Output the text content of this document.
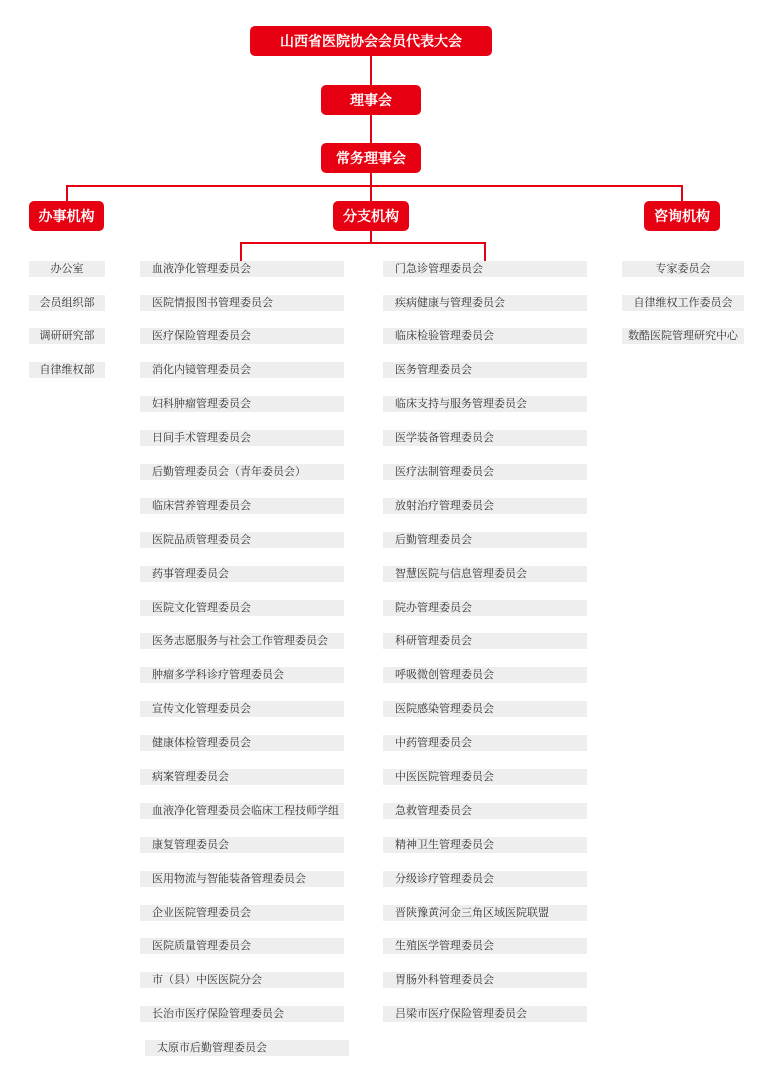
山西省医院协会会员代表大会
理事会
常务理事会
办事机构	分支机构	咨询机构
办公室
会员组织部
调研研究部
自律维权部
专家委员会
自律维权工作委员会
数酷医院管理研究中心
血液净化管理委员会
医院情报图书管理委员会
医疗保险管理委员会
消化内镜管理委员会
妇科肿瘤管理委员会
日间手术管理委员会
后勤管理委员会（青年委员会）
临床营养管理委员会
医院品质管理委员会
药事管理委员会
医院文化管理委员会
医务志愿服务与社会工作管理委员会
肿瘤多学科诊疗管理委员会
宣传文化管理委员会
健康体检管理委员会
病案管理委员会
血液净化管理委员会临床工程技师学组
康复管理委员会
医用物流与智能装备管理委员会
企业医院管理委员会
医院质量管理委员会
市（县）中医医院分会
长治市医疗保险管理委员会
太原市后勤管理委员会
门急诊管理委员会
疾病健康与管理委员会
临床检验管理委员会
医务管理委员会
临床支持与服务管理委员会
医学装备管理委员会
医疗法制管理委员会
放射治疗管理委员会
后勤管理委员会
智慧医院与信息管理委员会
院办管理委员会
科研管理委员会
呼吸微创管理委员会
医院感染管理委员会
中药管理委员会
中医医院管理委员会
急救管理委员会
精神卫生管理委员会
分级诊疗管理委员会
晋陕豫黄河金三角区域医院联盟
生殖医学管理委员会
胃肠外科管理委员会
吕梁市医疗保险管理委员会
